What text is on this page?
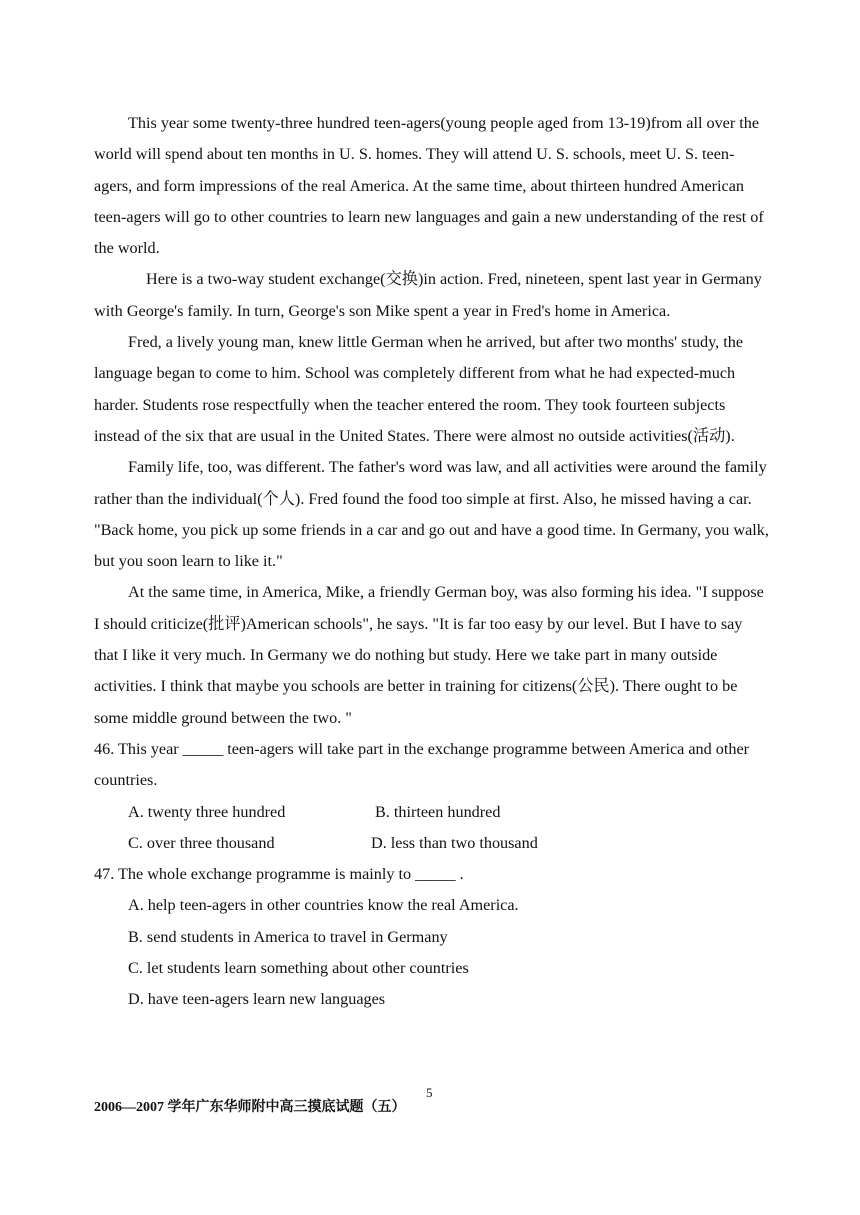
This year some twenty-three hundred teen-agers(young people aged from 13-19)from all over the world will spend about ten months in U. S. homes. They will attend U. S. schools, meet U. S. teen-agers, and form impressions of the real America. At the same time, about thirteen hundred American teen-agers will go to other countries to learn new languages and gain a new understanding of the rest of the world.

Here is a two-way student exchange(交换)in action. Fred, nineteen, spent last year in Germany with George's family. In turn, George's son Mike spent a year in Fred's home in America.

Fred, a lively young man, knew little German when he arrived, but after two months' study, the language began to come to him. School was completely different from what he had expected-much harder. Students rose respectfully when the teacher entered the room. They took fourteen subjects instead of the six that are usual in the United States. There were almost no outside activities(活动).

Family life, too, was different. The father's word was law, and all activities were around the family rather than the individual(个人). Fred found the food too simple at first. Also, he missed having a car. "Back home, you pick up some friends in a car and go out and have a good time. In Germany, you walk, but you soon learn to like it."

At the same time, in America, Mike, a friendly German boy, was also forming his idea. "I suppose I should criticize(批评)American schools", he says. "It is far too easy by our level. But I have to say that I like it very much. In Germany we do nothing but study. Here we take part in many outside activities. I think that maybe you schools are better in training for citizens(公民). There ought to be some middle ground between the two. "

46. This year _____ teen-agers will take part in the exchange programme between America and other countries.

A. twenty three hundred	B. thirteen hundred
C. over three thousand	D. less than two thousand

47. The whole exchange programme is mainly to _____ .

A. help teen-agers in other countries know the real America.
B. send students in America to travel in Germany
C. let students learn something about other countries
D. have teen-agers learn new languages
2006—2007 学年广东华师附中高三摸底试题（五）
5
